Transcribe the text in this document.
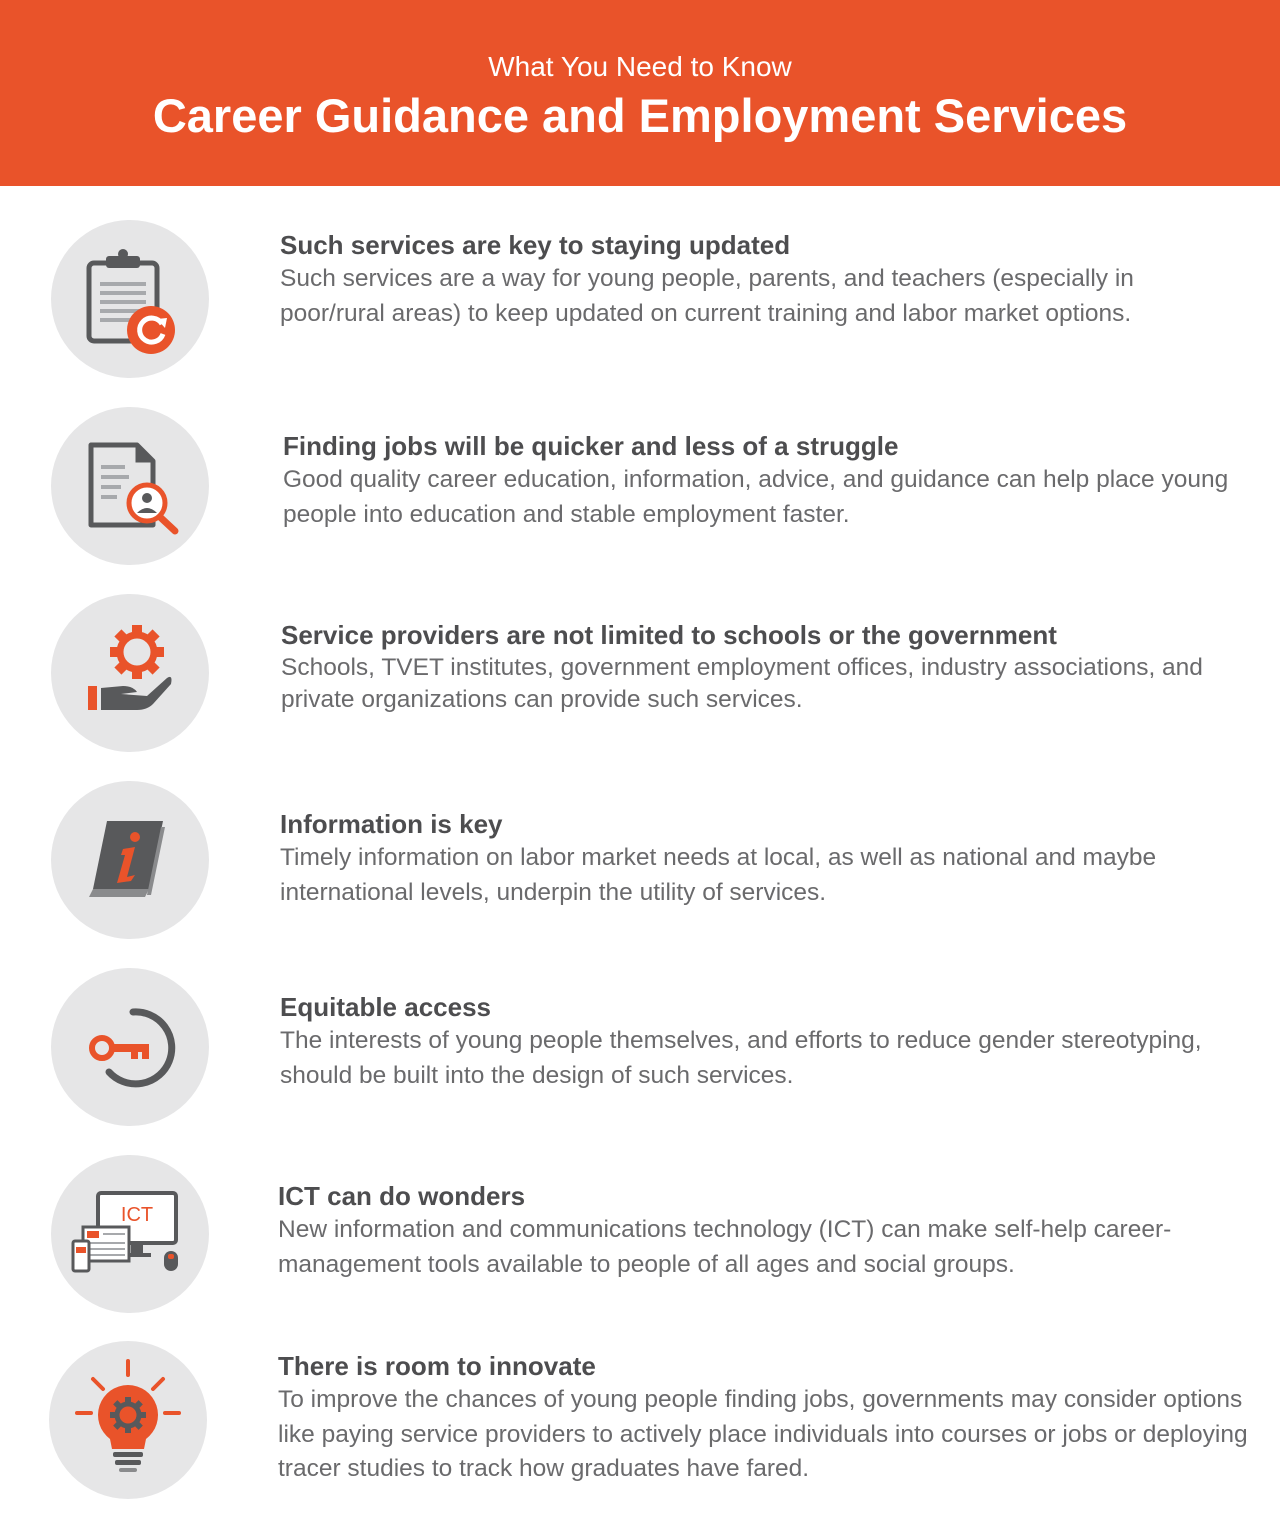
What You Need to Know
Career Guidance and Employment Services
Such services are key to staying updated
Such services are a way for young people, parents, and teachers (especially in poor/rural areas) to keep updated on current training and labor market options.
Finding jobs will be quicker and less of a struggle
Good quality career education, information, advice, and guidance can help place young people into education and stable employment faster.
Service providers are not limited to schools or the government
Schools, TVET institutes, government employment offices, industry associations, and private organizations can provide such services.
Information is key
Timely information on labor market needs at local, as well as national and maybe international levels, underpin the utility of services.
Equitable access
The interests of young people themselves, and efforts to reduce gender stereotyping, should be built into the design of such services.
ICT
ICT can do wonders
New information and communications technology (ICT) can make self-help career-management tools available to people of all ages and social groups.
There is room to innovate
To improve the chances of young people finding jobs, governments may consider options like paying service providers to actively place individuals into courses or jobs or deploying tracer studies to track how graduates have fared.
